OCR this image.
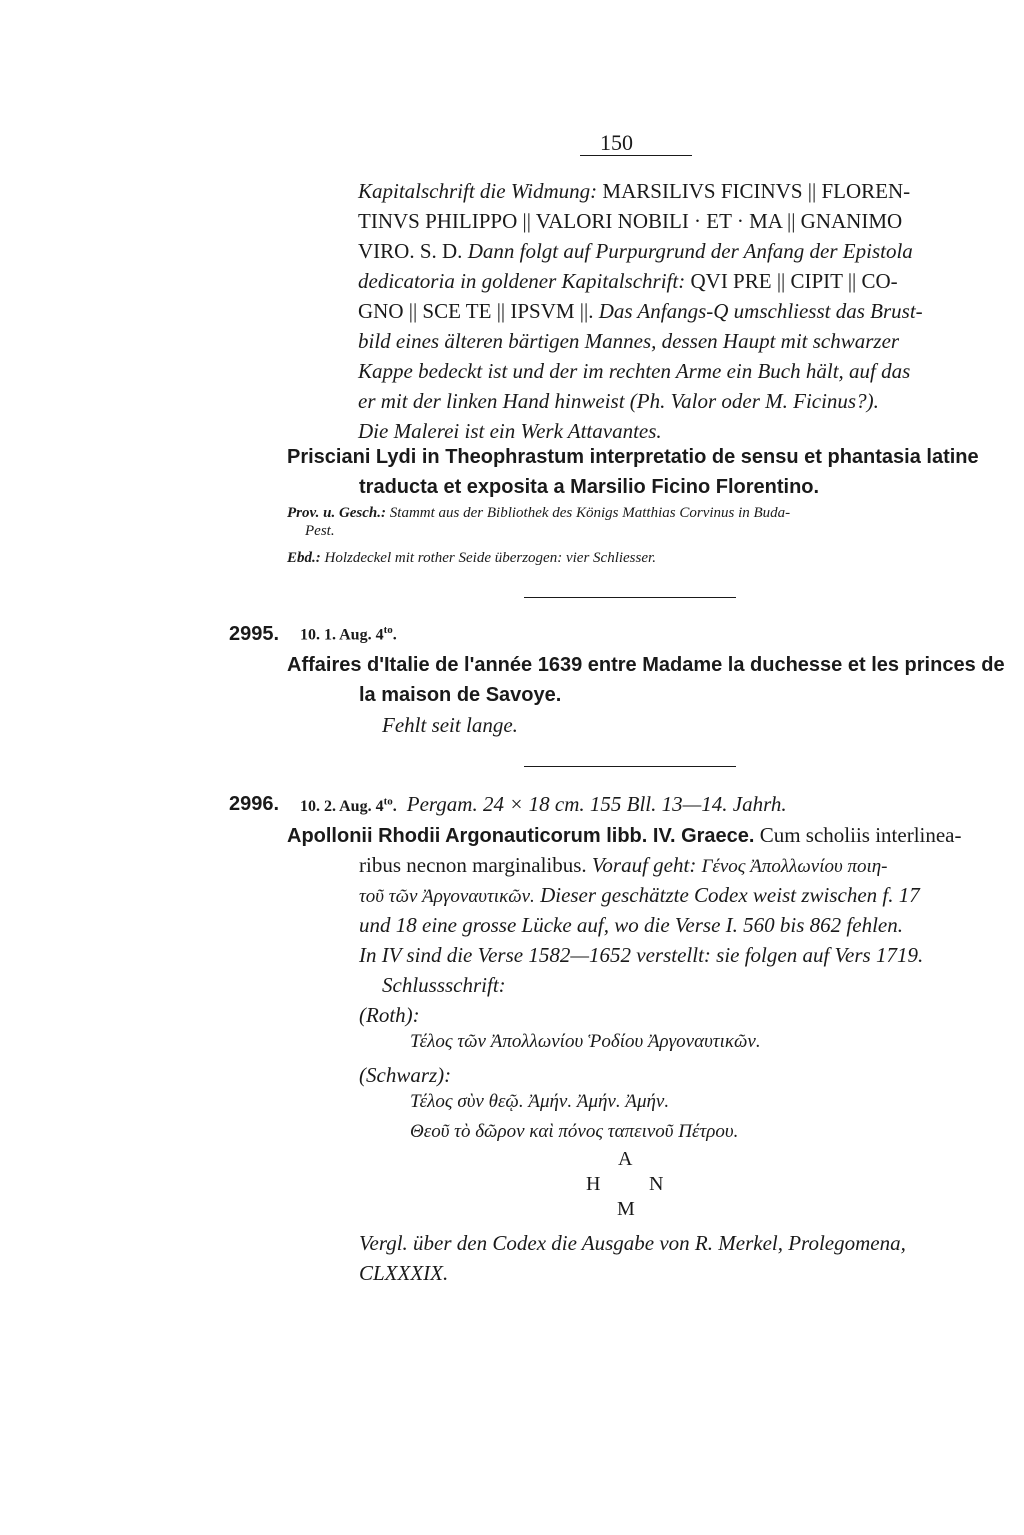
150
Kapitalschrift die Widmung: MARSILIVS FICINVS || FLOREN-
TINVS PHILIPPO || VALORI NOBILI · ET · MA || GNANIMO
VIRO. S. D. Dann folgt auf Purpurgrund der Anfang der Epistola
dedicatoria in goldener Kapitalschrift: QVI PRE || CIPIT || CO-
GNO || SCE TE || IPSVM ||. Das Anfangs-Q umschliesst das Brust-
bild eines älteren bärtigen Mannes, dessen Haupt mit schwarzer
Kappe bedeckt ist und der im rechten Arme ein Buch hält, auf das
er mit der linken Hand hinweist (Ph. Valor oder M. Ficinus?).
Die Malerei ist ein Werk Attavantes.
Prisciani Lydi in Theophrastum interpretatio de sensu et phantasia latine
traducta et exposita a Marsilio Ficino Florentino.
Prov. u. Gesch.: Stammt aus der Bibliothek des Königs Matthias Corvinus in Buda-
Pest.
Ebd.: Holzdeckel mit rother Seide überzogen: vier Schliesser.
2995. 10. 1. Aug. $4^{to}$.
Affaires d'Italie de l'année 1639 entre Madame la duchesse et les princes de
la maison de Savoye.
Fehlt seit lange.
2996. 10. 2. Aug. $4^{to}$. Pergam. 24 × 18 cm. 155 Bll. 13—14. Jahrh.
Apollonii Rhodii Argonauticorum libb. IV. Graece. Cum scholiis interlinea-
ribus necnon marginalibus. Vorauf geht: Γένος Ἀπολλωνίου ποιη-
τοῦ τῶν Ἀργοναυτικῶν. Dieser geschätzte Codex weist zwischen f. 17
und 18 eine grosse Lücke auf, wo die Verse I. 560 bis 862 fehlen.
In IV sind die Verse 1582—1652 verstellt: sie folgen auf Vers 1719.
Schlussschrift:
(Roth):
Τέλος τῶν Ἀπολλωνίου Ῥοδίου Ἀργοναυτικῶν.
(Schwarz):
Τέλος σὺν θεῷ. Ἀμήν. Ἀμήν. Ἀμήν.
Θεοῦ τὸ δῶρον καὶ πόνος ταπεινοῦ Πέτρου.
A
H N
M
Vergl. über den Codex die Ausgabe von R. Merkel, Prolegomena,
CLXXXIX.
